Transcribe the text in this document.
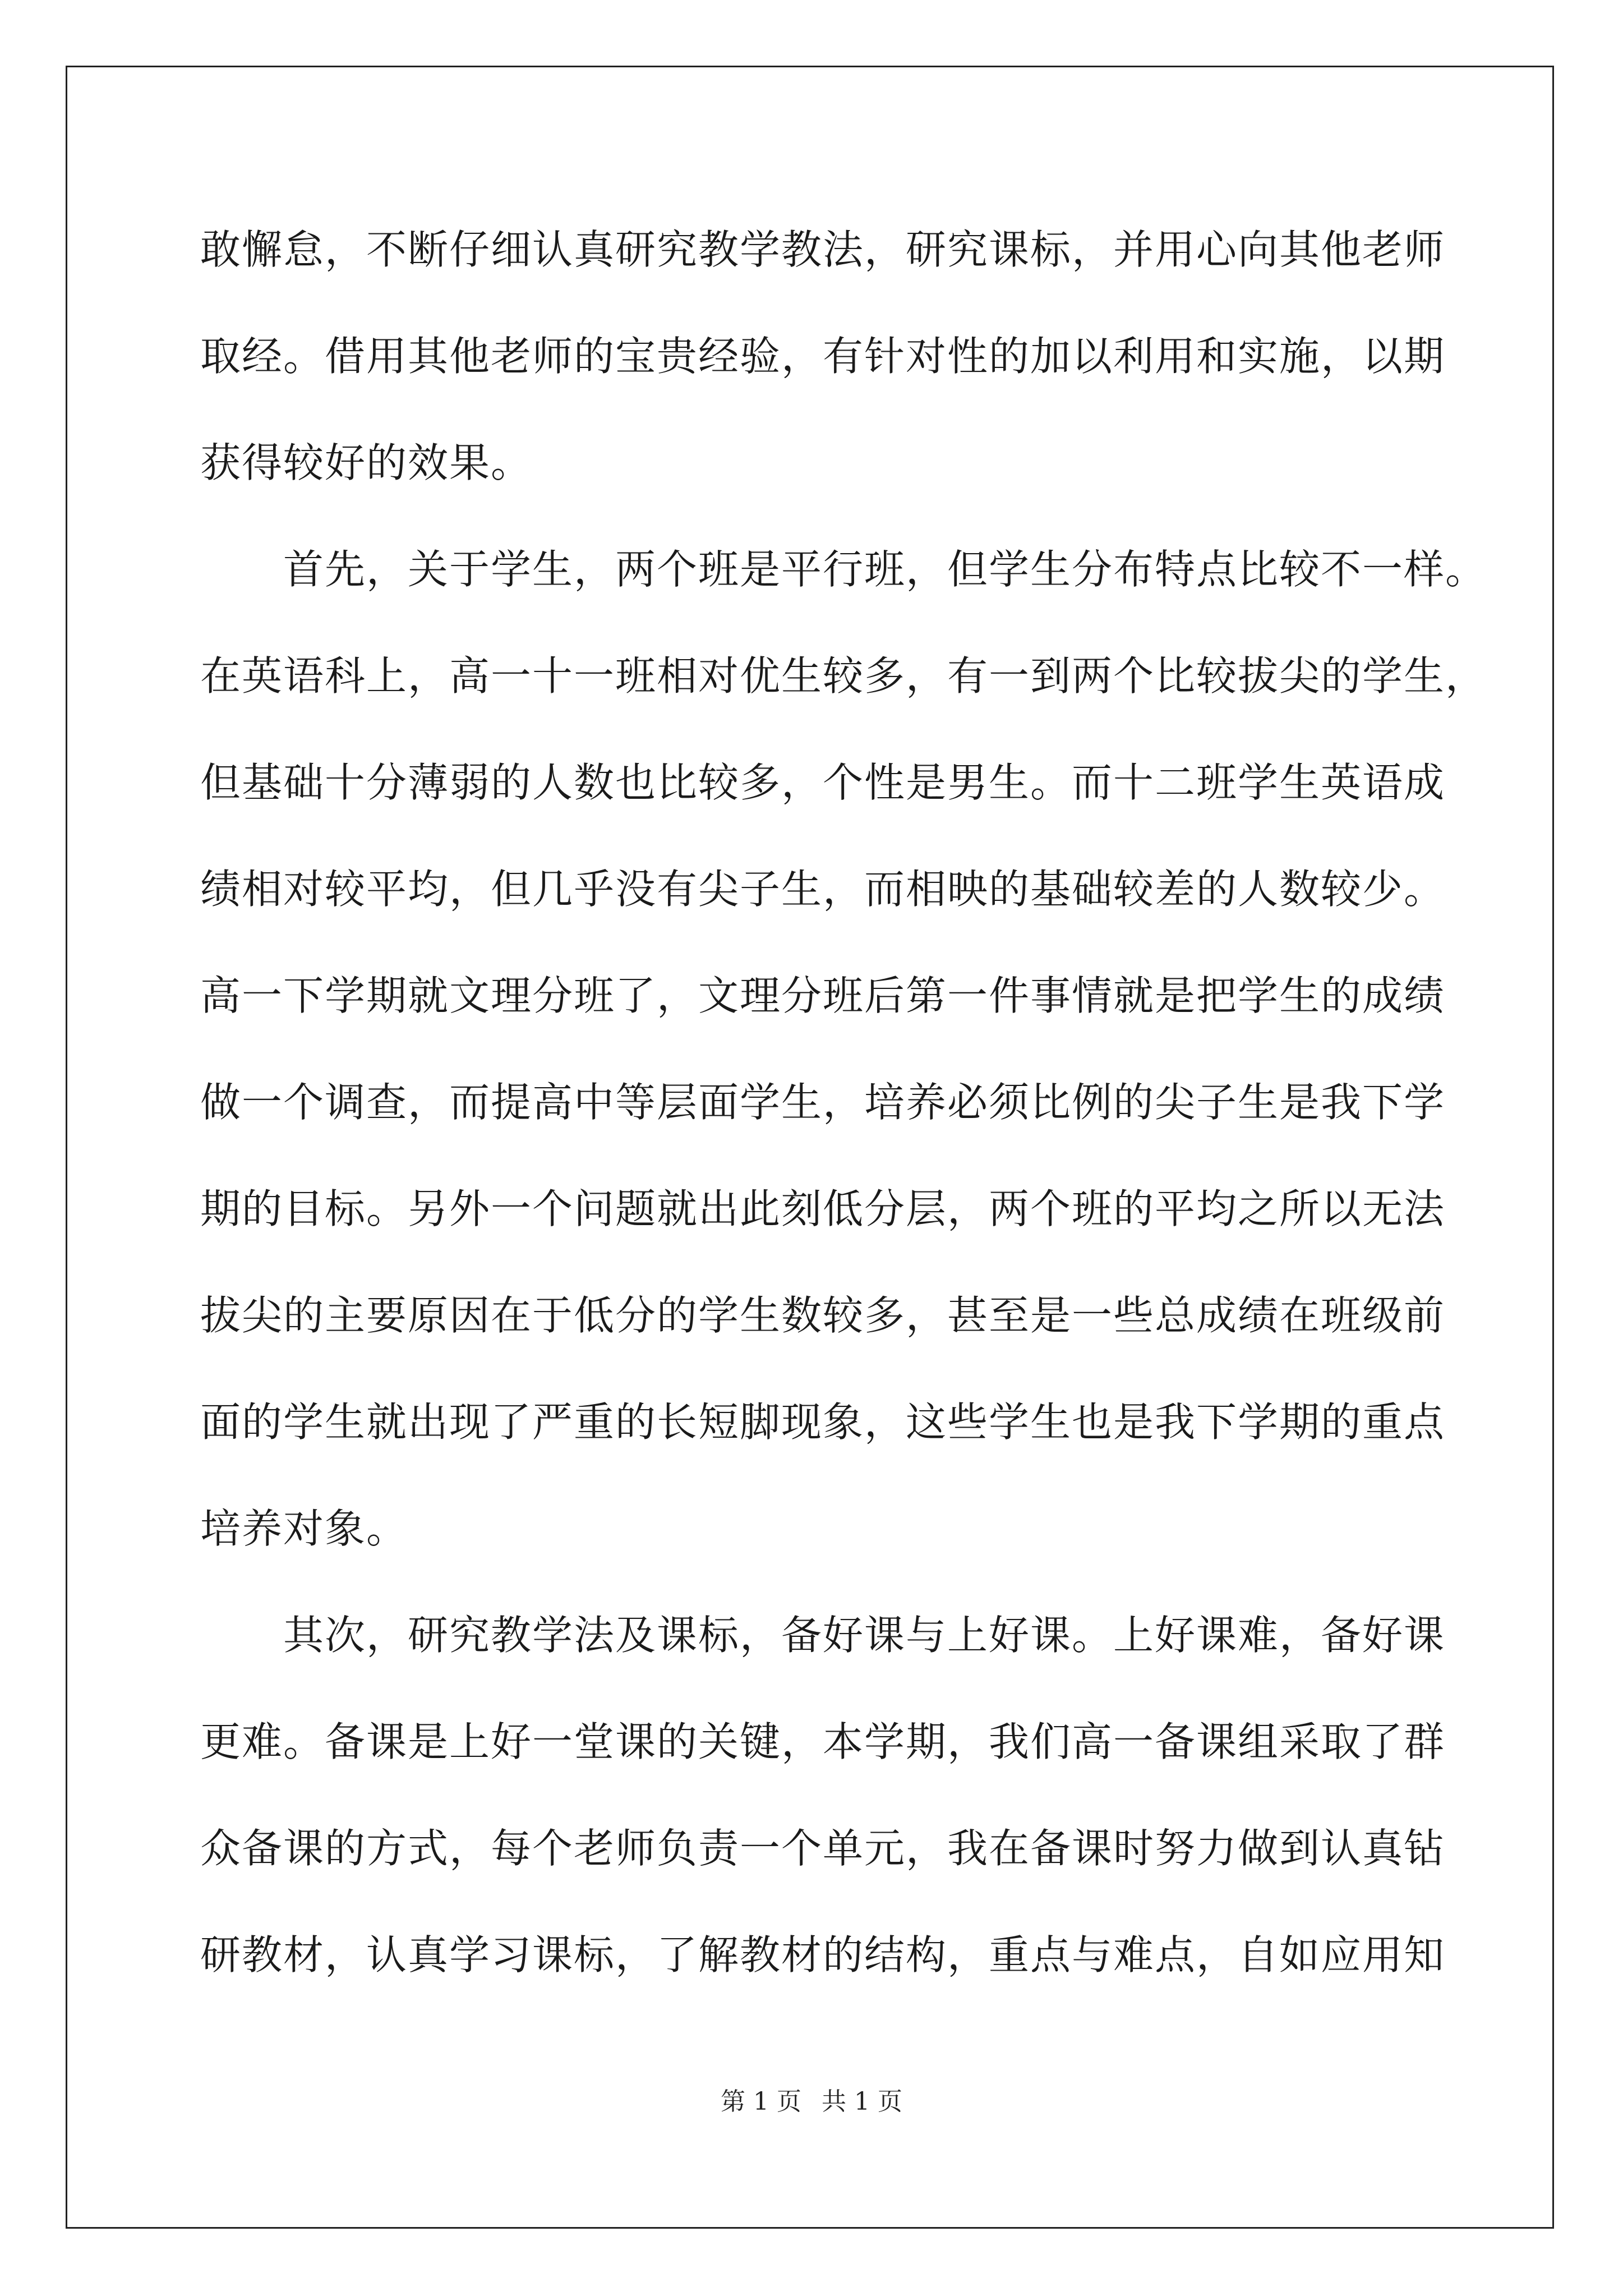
敢懈怠，不断仔细认真研究教学教法，研究课标，并用心向其他老师
取经。借用其他老师的宝贵经验，有针对性的加以利用和实施，以期
获得较好的效果。
　　首先，关于学生，两个班是平行班，但学生分布特点比较不一样。
在英语科上，高一十一班相对优生较多，有一到两个比较拔尖的学生，
但基础十分薄弱的人数也比较多，个性是男生。而十二班学生英语成
绩相对较平均，但几乎没有尖子生，而相映的基础较差的人数较少。
高一下学期就文理分班了，文理分班后第一件事情就是把学生的成绩
做一个调查，而提高中等层面学生，培养必须比例的尖子生是我下学
期的目标。另外一个问题就出此刻低分层，两个班的平均之所以无法
拔尖的主要原因在于低分的学生数较多，甚至是一些总成绩在班级前
面的学生就出现了严重的长短脚现象，这些学生也是我下学期的重点
培养对象。
　　其次，研究教学法及课标，备好课与上好课。上好课难，备好课
更难。备课是上好一堂课的关键，本学期，我们高一备课组采取了群
众备课的方式，每个老师负责一个单元，我在备课时努力做到认真钻
研教材，认真学习课标，了解教材的结构，重点与难点，自如应用知
第 1 页 共 1 页
